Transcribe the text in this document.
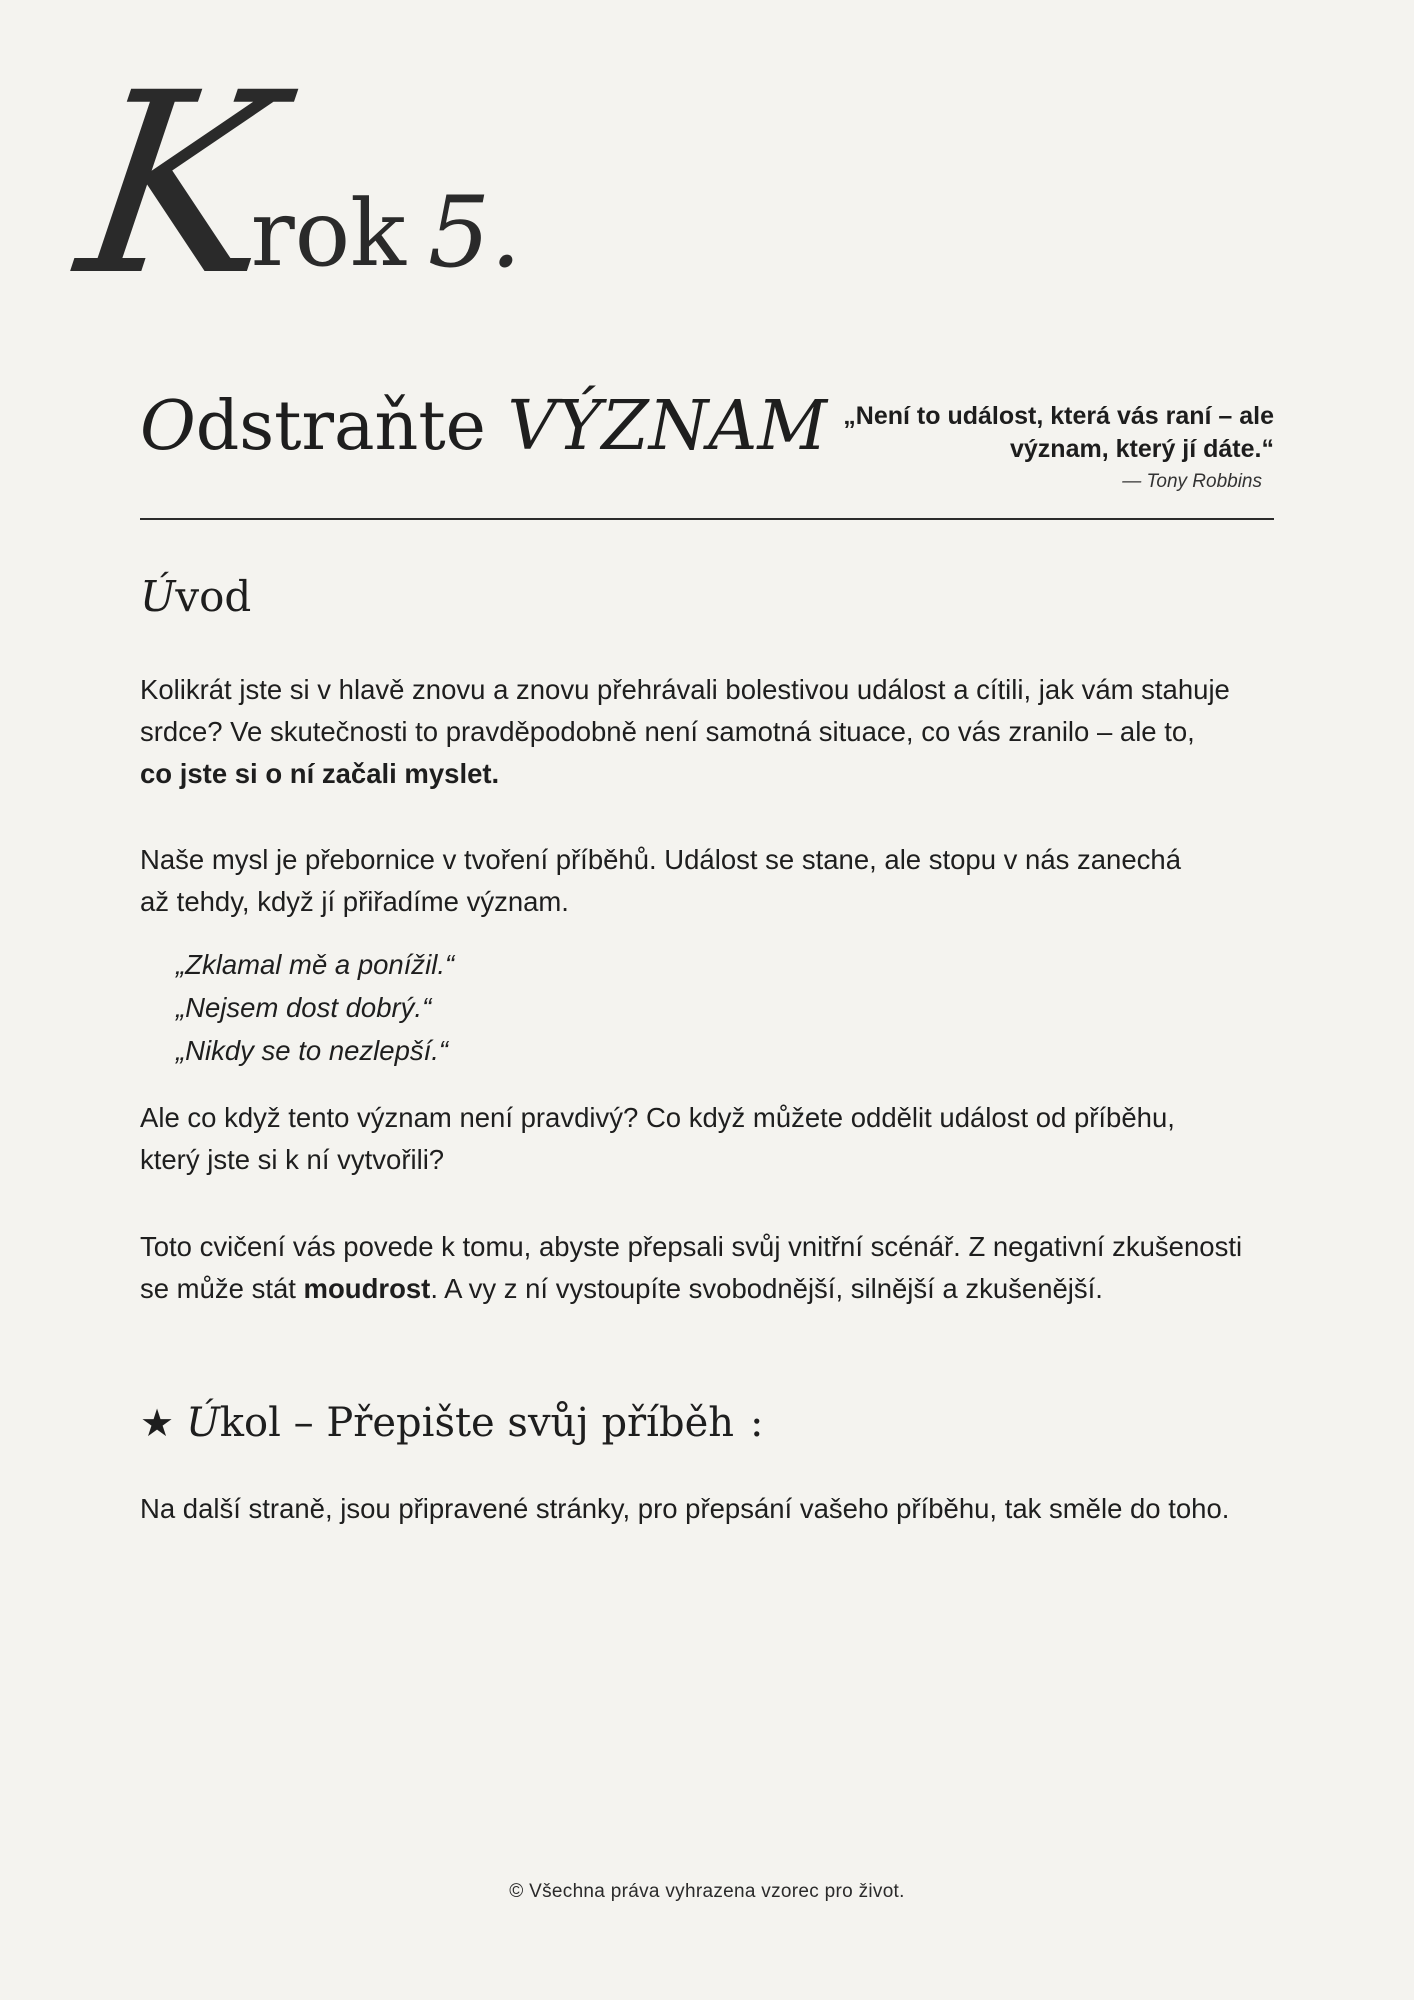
K
rok 5.
Odstraňte VÝZNAM „Není to událost, která vás raní – ale význam, který jí dáte.“
— Tony Robbins
Úvod

Kolikrát jste si v hlavě znovu a znovu přehrávali bolestivou událost a cítili, jak vám stahuje srdce? Ve skutečnosti to pravděpodobně není samotná situace, co vás zranilo – ale to,
co jste si o ní začali myslet.

Naše mysl je přebornice v tvoření příběhů. Událost se stane, ale stopu v nás zanechá
až tehdy, když jí přiřadíme význam.

„Zklamal mě a ponížil.“
„Nejsem dost dobrý.“
„Nikdy se to nezlepší.“

Ale co když tento význam není pravdivý? Co když můžete oddělit událost od příběhu,
který jste si k ní vytvořili?

Toto cvičení vás povede k tomu, abyste přepsali svůj vnitřní scénář. Z negativní zkušenosti
se může stát moudrost. A vy z ní vystoupíte svobodnější, silnější a zkušenější.

★ Ú kol – Přepište svůj příběh :

Na další straně, jsou připravené stránky, pro přepsání vašeho příběhu, tak směle do toho.

© Všechna práva vyhrazena vzorec pro život.
